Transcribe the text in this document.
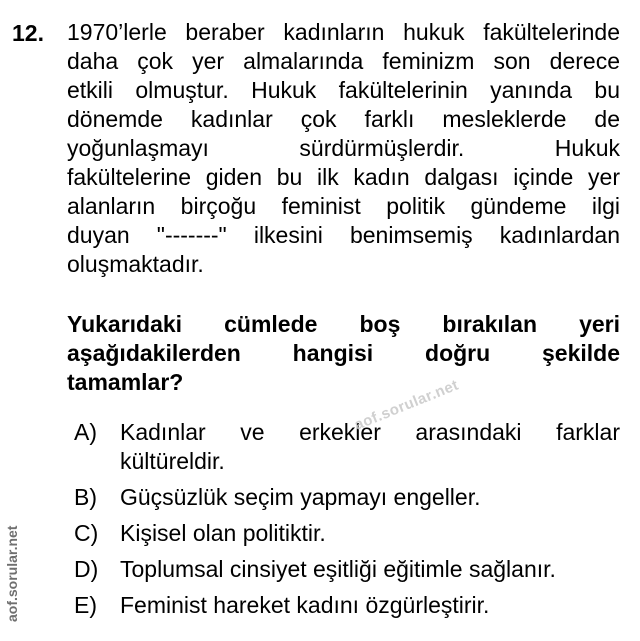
12. 1970’lerle beraber kadınların hukuk fakültelerinde
daha çok yer almalarında feminizm son derece
etkili olmuştur. Hukuk fakültelerinin yanında bu
dönemde kadınlar çok farklı mesleklerde de
yoğunlaşmayı sürdürmüşlerdir. Hukuk
fakültelerine giden bu ilk kadın dalgası içinde yer
alanların birçoğu feminist politik gündeme ilgi
duyan "-------" ilkesini benimsemiş kadınlardan
oluşmaktadır.
Yukarıdaki cümlede boş bırakılan yeri
aşağıdakilerden hangisi doğru şekilde
tamamlar?
A) Kadınlar ve erkekler arasındaki farklar
kültüreldir.
B) Güçsüzlük seçim yapmayı engeller.
C) Kişisel olan politiktir.
D) Toplumsal cinsiyet eşitliği eğitimle sağlanır.
E) Feminist hareket kadını özgürleştirir.
aof.sorular.net
aof.sorular.net
